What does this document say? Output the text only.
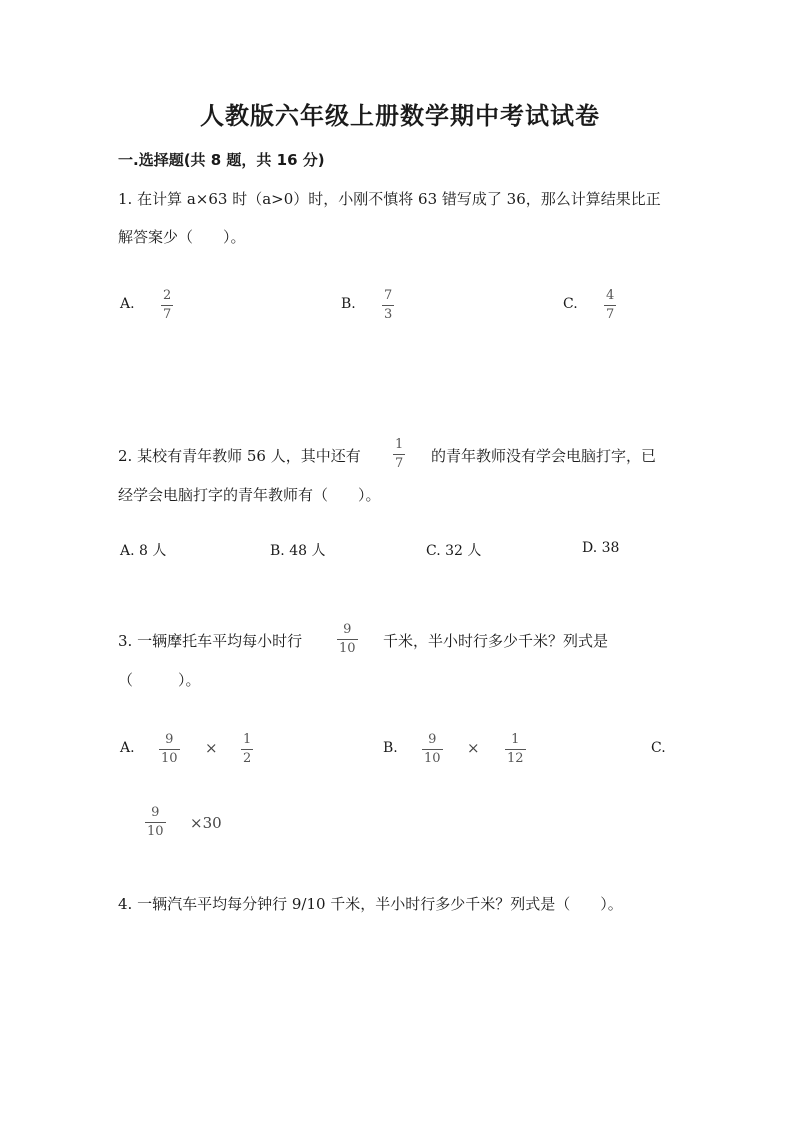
人教版六年级上册数学期中考试试卷
一.选择题(共 8 题，共 16 分)
1. 在计算 a×63 时（a>0）时，小刚不慎将 63 错写成了 36，那么计算结果比正
解答案少（　　）。
A.
2
7
B.
7
3
C.
4
7
2. 某校有青年教师 56 人，其中还有
1
7 的青年教师没有学会电脑打字，已
经学会电脑打字的青年教师有（　　）。
A. 8 人	B. 48 人	C. 32 人	D. 38
3. 一辆摩托车平均每小时行
9
10 千米，半小时行多少千米？列式是
（　　　）。
A.
9
10
× 1
2
B.
9
10
× 1
12
C.
9
10 ×30
4. 一辆汽车平均每分钟行 9/10 千米，半小时行多少千米？列式是（　　）。
